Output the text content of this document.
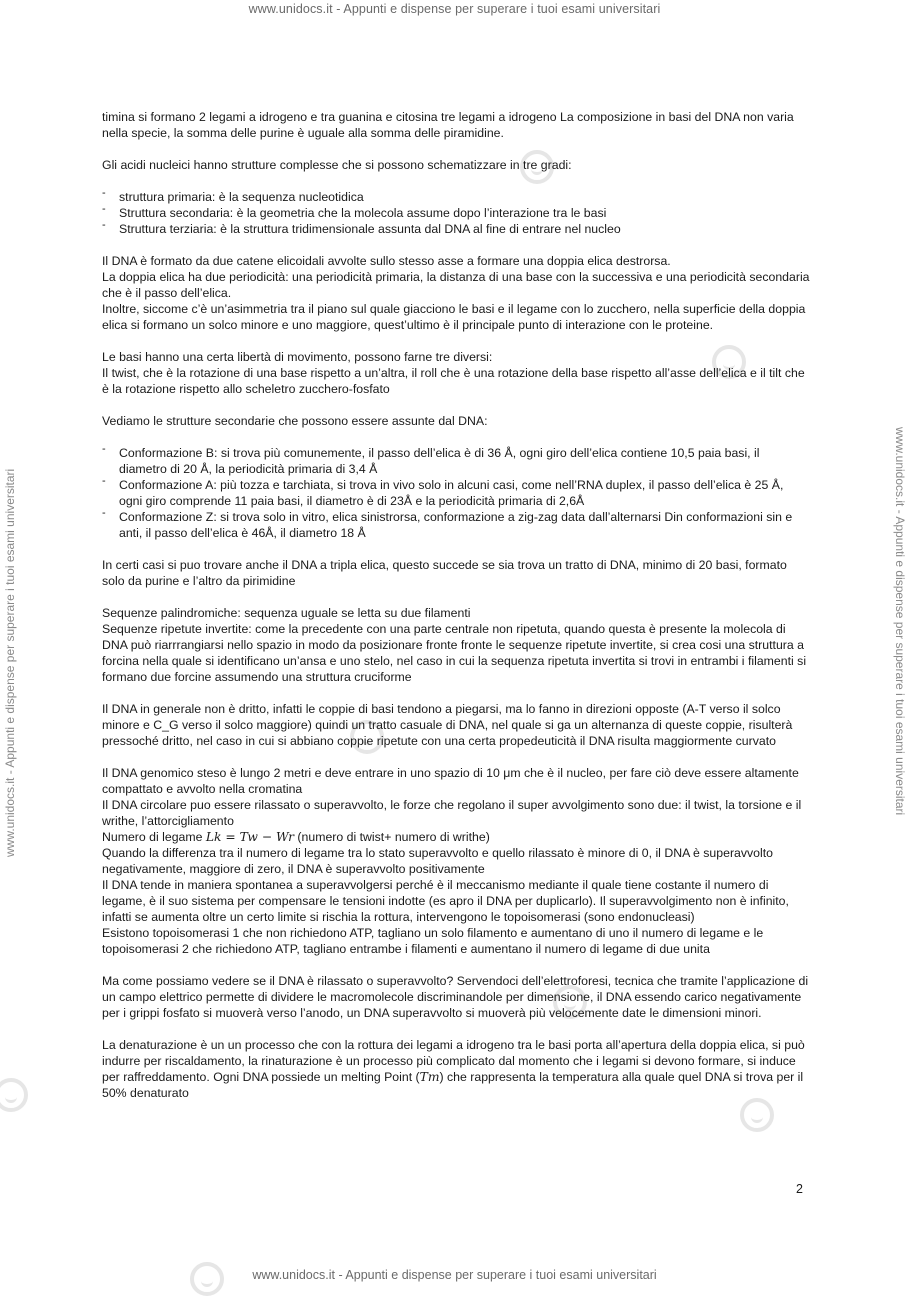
www.unidocs.it - Appunti e dispense per superare i tuoi esami universitari
www.unidocs.it - Appunti e dispense per superare i tuoi esami universitari	www.unidocs.it - Appunti e dispense per superare i tuoi esami universitari

timina si formano 2 legami a idrogeno e tra guanina e citosina tre legami a idrogeno La composizione in basi del DNA non varia nella specie, la somma delle purine è uguale alla somma delle piramidine.

Gli acidi nucleici hanno strutture complesse che si possono schematizzare in tre gradi:

- struttura primaria: è la sequenza nucleotidica
- Struttura secondaria: è la geometria che la molecola assume dopo l’interazione tra le basi
- Struttura terziaria: è la struttura tridimensionale assunta dal DNA al fine di entrare nel nucleo

Il DNA è formato da due catene elicoidali avvolte sullo stesso asse a formare una doppia elica destrorsa.
La doppia elica ha due periodicità: una periodicità primaria, la distanza di una base con la successiva e una periodicità secondaria che è il passo dell’elica.
Inoltre, siccome c’è un’asimmetria tra il piano sul quale giacciono le basi e il legame con lo zucchero, nella superficie della doppia elica si formano un solco minore e uno maggiore, quest’ultimo è il principale punto di interazione con le proteine.

Le basi hanno una certa libertà di movimento, possono farne tre diversi:
Il twist, che è la rotazione di una base rispetto a un’altra, il roll che è una rotazione della base rispetto all’asse dell’elica e il tilt che è la rotazione rispetto allo scheletro zucchero-fosfato

Vediamo le strutture secondarie che possono essere assunte dal DNA:

- Conformazione B: si trova più comunemente, il passo dell’elica è di 36 Å, ogni giro dell’elica contiene 10,5 paia basi, il diametro di 20 Å, la periodicità primaria di 3,4 Å
- Conformazione A: più tozza e tarchiata, si trova in vivo solo in alcuni casi, come nell’RNA duplex, il passo dell’elica è 25 Å, ogni giro comprende 11 paia basi, il diametro è di 23Å e la periodicità primaria di 2,6Å
- Conformazione Z: si trova solo in vitro, elica sinistrorsa, conformazione a zig-zag data dall’alternarsi Din conformazioni sin e anti, il passo dell’elica è 46Å, il diametro 18 Å

In certi casi si puo trovare anche il DNA a tripla elica, questo succede se sia trova un tratto di DNA, minimo di 20 basi, formato solo da purine e l’altro da pirimidine

Sequenze palindromiche: sequenza uguale se letta su due filamenti
Sequenze ripetute invertite: come la precedente con una parte centrale non ripetuta, quando questa è presente la molecola di DNA può riarrrangiarsi nello spazio in modo da posizionare fronte fronte le sequenze ripetute invertite, si crea cosi una struttura a forcina nella quale si identificano un’ansa e uno stelo, nel caso in cui la sequenza ripetuta invertita si trovi in entrambi i filamenti si formano due forcine assumendo una struttura cruciforme

Il DNA in generale non è dritto, infatti le coppie di basi tendono a piegarsi, ma lo fanno in direzioni opposte (A-T verso il solco minore e C_G verso il solco maggiore) quindi un tratto casuale di DNA, nel quale si ga un alternanza di queste coppie, risulterà pressoché dritto, nel caso in cui si abbiano coppie ripetute con una certa propedeuticità il DNA risulta maggiormente curvato

Il DNA genomico steso è lungo 2 metri e deve entrare in uno spazio di 10 μm che è il nucleo, per fare ciò deve essere altamente compattato e avvolto nella cromatina
Il DNA circolare puo essere rilassato o superavvolto, le forze che regolano il super avvolgimento sono due: il twist, la torsione e il writhe, l’attorcigliamento
Numero di legame Lk = Tw − Wr (numero di twist+ numero di writhe)
Quando la differenza tra il numero di legame tra lo stato superavvolto e quello rilassato è minore di 0, il DNA è superavvolto negativamente, maggiore di zero, il DNA è superavvolto positivamente
Il DNA tende in maniera spontanea a superavvolgersi perché è il meccanismo mediante il quale tiene costante il numero di legame, è il suo sistema per compensare le tensioni indotte (es apro il DNA per duplicarlo). Il superavvolgimento non è infinito, infatti se aumenta oltre un certo limite si rischia la rottura, intervengono le topoisomerasi (sono endonucleasi)
Esistono topoisomerasi 1 che non richiedono ATP, tagliano un solo filamento e aumentano di uno il numero di legame e le topoisomerasi 2 che richiedono ATP, tagliano entrambe i filamenti e aumentano il numero di legame di due unita

Ma come possiamo vedere se il DNA è rilassato o superavvolto? Servendoci dell’elettroforesi, tecnica che tramite l’applicazione di un campo elettrico permette di dividere le macromolecole discriminandole per dimensione, il DNA essendo carico negativamente per i grippi fosfato si muoverà verso l’anodo, un DNA superavvolto si muoverà più velocemente date le dimensioni minori.

La denaturazione è un un processo che con la rottura dei legami a idrogeno tra le basi porta all’apertura della doppia elica, si può indurre per riscaldamento, la rinaturazione è un processo più complicato dal momento che i legami si devono formare, si induce per raffreddamento. Ogni DNA possiede un melting Point (Tm) che rappresenta la temperatura alla quale quel DNA si trova per il 50% denaturato

2
www.unidocs.it - Appunti e dispense per superare i tuoi esami universitari
